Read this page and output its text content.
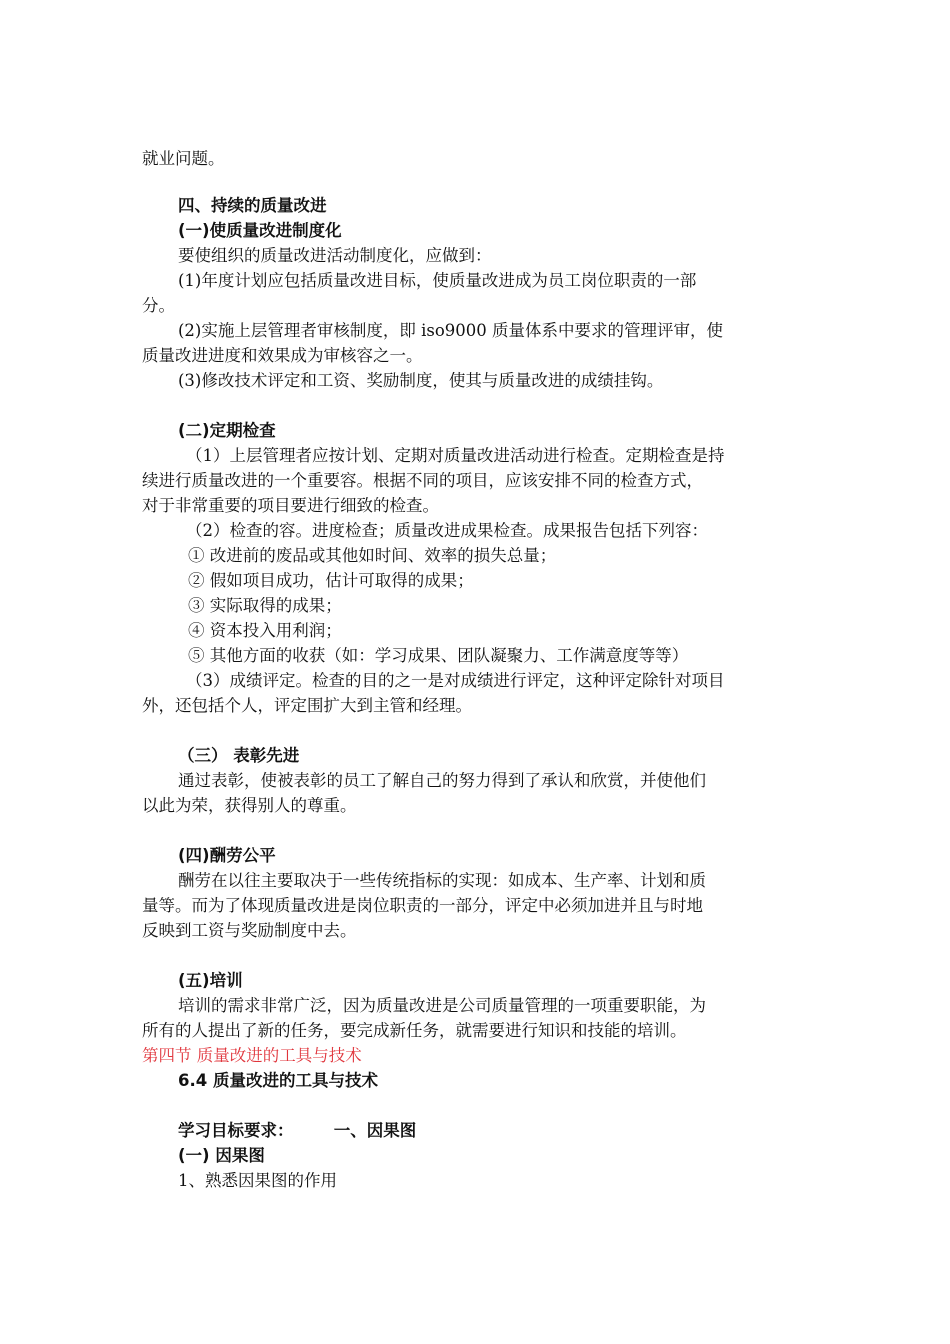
就业问题。
四、持续的质量改进
(一)使质量改进制度化
要使组织的质量改进活动制度化，应做到：
(1)年度计划应包括质量改进目标，使质量改进成为员工岗位职责的一部
分。
(2)实施上层管理者审核制度，即 iso9000 质量体系中要求的管理评审，使
质量改进进度和效果成为审核容之一。
(3)修改技术评定和工资、奖励制度，使其与质量改进的成绩挂钩。
(二)定期检查
（1）上层管理者应按计划、定期对质量改进活动进行检查。定期检查是持
续进行质量改进的一个重要容。根据不同的项目，应该安排不同的检查方式，
对于非常重要的项目要进行细致的检查。
（2）检查的容。进度检查；质量改进成果检查。成果报告包括下列容：
① 改进前的废品或其他如时间、效率的损失总量；
② 假如项目成功，估计可取得的成果；
③ 实际取得的成果；
④ 资本投入用利润；
⑤ 其他方面的收获（如：学习成果、团队凝聚力、工作满意度等等）
（3）成绩评定。检查的目的之一是对成绩进行评定，这种评定除针对项目
外，还包括个人，评定围扩大到主管和经理。
（三） 表彰先进
通过表彰，使被表彰的员工了解自己的努力得到了承认和欣赏，并使他们
以此为荣，获得别人的尊重。
(四)酬劳公平
酬劳在以往主要取决于一些传统指标的实现：如成本、生产率、计划和质
量等。而为了体现质量改进是岗位职责的一部分，评定中必须加进并且与时地
反映到工资与奖励制度中去。
(五)培训
培训的需求非常广泛，因为质量改进是公司质量管理的一项重要职能，为
所有的人提出了新的任务，要完成新任务，就需要进行知识和技能的培训。
第四节 质量改进的工具与技术
6.4 质量改进的工具与技术
学习目标要求：       一、因果图
(一) 因果图
1、熟悉因果图的作用
